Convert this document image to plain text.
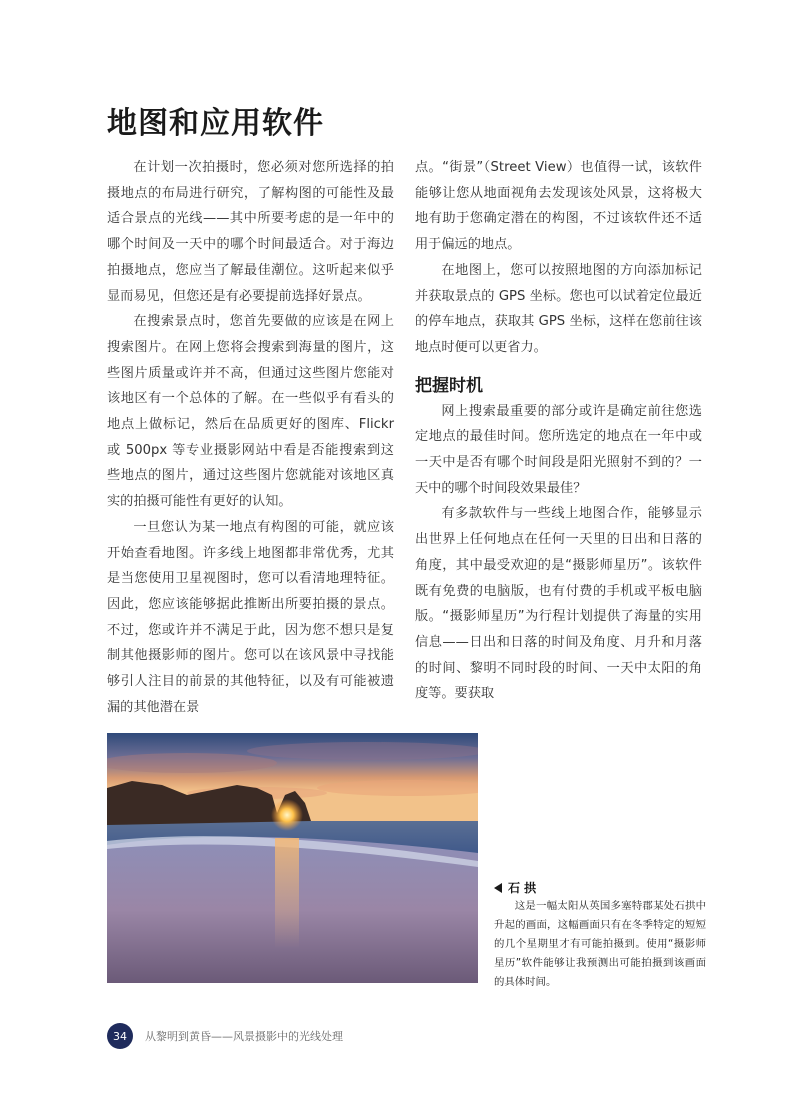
地图和应用软件

在计划一次拍摄时，您必须对您所选择的拍摄地点的布局进行研究，了解构图的可能性及最适合景点的光线——其中所要考虑的是一年中的哪个时间及一天中的哪个时间最适合。对于海边拍摄地点，您应当了解最佳潮位。这听起来似乎显而易见，但您还是有必要提前选择好景点。

在搜索景点时，您首先要做的应该是在网上搜索图片。在网上您将会搜索到海量的图片，这些图片质量或许并不高，但通过这些图片您能对该地区有一个总体的了解。在一些似乎有看头的地点上做标记，然后在品质更好的图库、Flickr 或 500px 等专业摄影网站中看是否能搜索到这些地点的图片，通过这些图片您就能对该地区真实的拍摄可能性有更好的认知。

一旦您认为某一地点有构图的可能，就应该开始查看地图。许多线上地图都非常优秀，尤其是当您使用卫星视图时，您可以看清地理特征。因此，您应该能够据此推断出所要拍摄的景点。不过，您或许并不满足于此，因为您不想只是复制其他摄影师的图片。您可以在该风景中寻找能够引人注目的前景的其他特征，以及有可能被遗漏的其他潜在景

点。“街景”（Street View）也值得一试，该软件能够让您从地面视角去发现该处风景，这将极大地有助于您确定潜在的构图，不过该软件还不适用于偏远的地点。

在地图上，您可以按照地图的方向添加标记并获取景点的 GPS 坐标。您也可以试着定位最近的停车地点，获取其 GPS 坐标，这样在您前往该地点时便可以更省力。

把握时机

网上搜索最重要的部分或许是确定前往您选定地点的最佳时间。您所选定的地点在一年中或一天中是否有哪个时间段是阳光照射不到的？一天中的哪个时间段效果最佳？

有多款软件与一些线上地图合作，能够显示出世界上任何地点在任何一天里的日出和日落的角度，其中最受欢迎的是“摄影师星历”。该软件既有免费的电脑版，也有付费的手机或平板电脑版。“摄影师星历”为行程计划提供了海量的实用信息——日出和日落的时间及角度、月升和月落的时间、黎明不同时段的时间、一天中太阳的角度等。要获取

石 拱
这是一幅太阳从英国多塞特郡某处石拱中升起的画面，这幅画面只有在冬季特定的短短的几个星期里才有可能拍摄到。使用“摄影师星历”软件能够让我预测出可能拍摄到该画面的具体时间。
34	从黎明到黄昏——风景摄影中的光线处理
